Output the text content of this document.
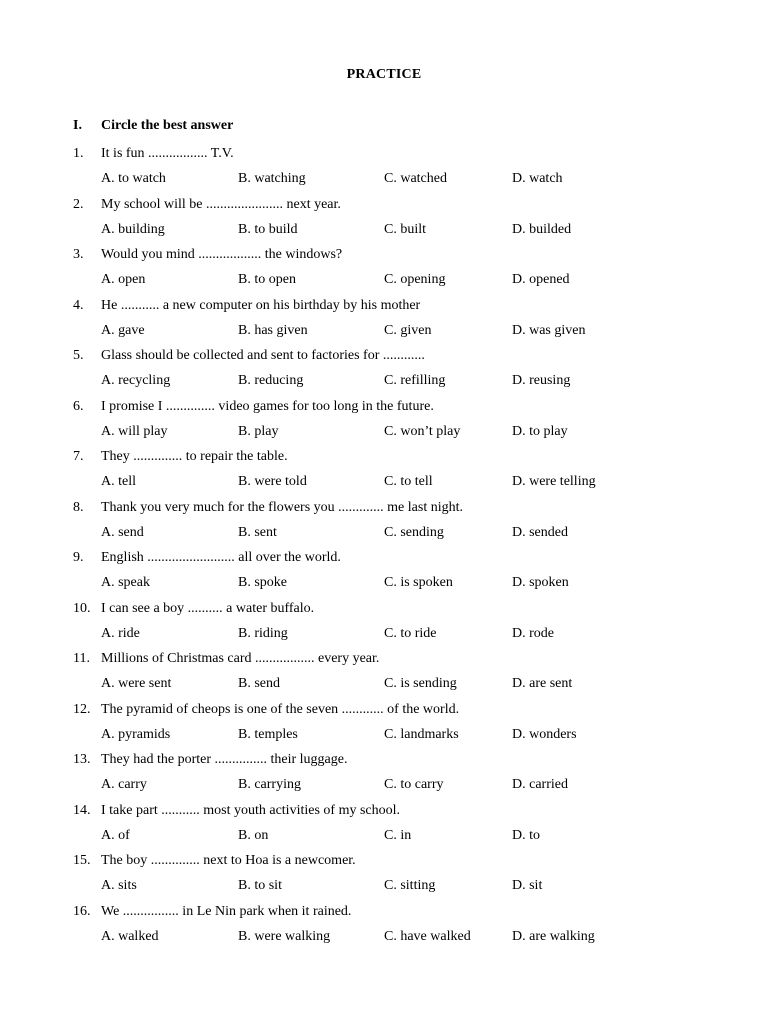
PRACTICE
I. Circle the best answer
1. It is fun ................. T.V.
A. to watch	B. watching	C. watched	D. watch
2. My school will be ...................... next year.
A. building	B. to build	C. built	D. builded
3. Would you mind .................. the windows?
A. open	B. to open	C. opening	D. opened
4. He ........... a new computer on his birthday by his mother
A. gave	B. has given	C. given	D. was given
5. Glass should be collected and sent to factories for ............
A. recycling	B. reducing	C. refilling	D. reusing
6. I promise I .............. video games for too long in the future.
A. will play	B. play	C. won’t play	D. to play
7. They .............. to repair the table.
A. tell	B. were told	C. to tell	D. were telling
8. Thank you very much for the flowers you ............. me last night.
A. send	B. sent	C. sending	D. sended
9. English ......................... all over the world.
A. speak	B. spoke	C. is spoken	D. spoken
10. I can see a boy .......... a water buffalo.
A. ride	B. riding	C. to ride	D. rode
11. Millions of Christmas card ................. every year.
A. were sent	B. send	C. is sending	D. are sent
12. The pyramid of cheops is one of the seven ............ of the world.
A. pyramids	B. temples	C. landmarks	D. wonders
13. They had the porter ............... their luggage.
A. carry	B. carrying	C. to carry	D. carried
14. I take part ........... most youth activities of my school.
A. of	B. on	C. in	D. to
15. The boy .............. next to Hoa is a newcomer.
A. sits	B. to sit	C. sitting	D. sit
16. We ................ in Le Nin park when it rained.
A. walked	B. were walking	C. have walked	D. are walking
